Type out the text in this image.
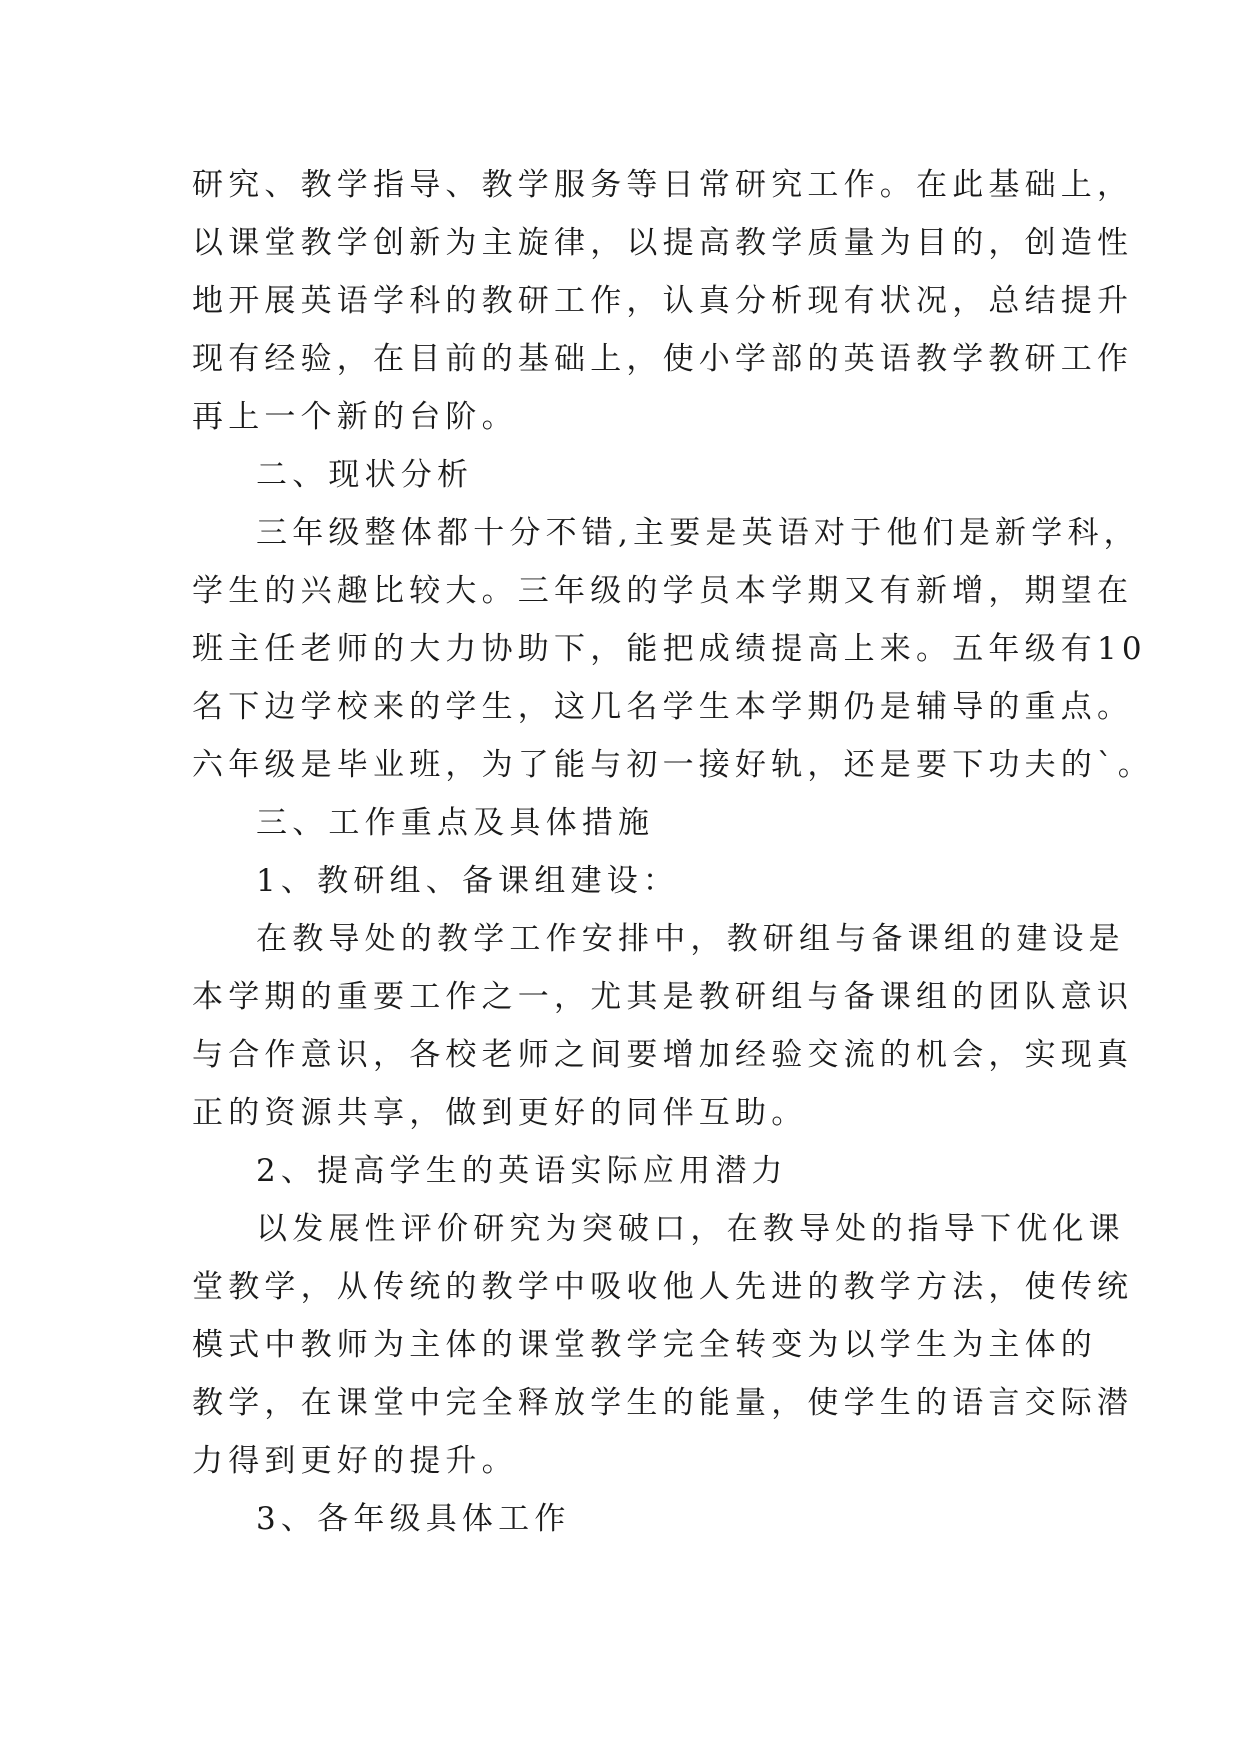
研究、教学指导、教学服务等日常研究工作。在此基础上，
以课堂教学创新为主旋律，以提高教学质量为目的，创造性
地开展英语学科的教研工作，认真分析现有状况，总结提升
现有经验，在目前的基础上，使小学部的英语教学教研工作
再上一个新的台阶。
二、现状分析
三年级整体都十分不错,主要是英语对于他们是新学科，
学生的兴趣比较大。三年级的学员本学期又有新增，期望在
班主任老师的大力协助下，能把成绩提高上来。五年级有10
名下边学校来的学生，这几名学生本学期仍是辅导的重点。
六年级是毕业班，为了能与初一接好轨，还是要下功夫的`。
三、工作重点及具体措施
1、教研组、备课组建设：
在教导处的教学工作安排中，教研组与备课组的建设是
本学期的重要工作之一，尤其是教研组与备课组的团队意识
与合作意识，各校老师之间要增加经验交流的机会，实现真
正的资源共享，做到更好的同伴互助。
2、提高学生的英语实际应用潜力
以发展性评价研究为突破口，在教导处的指导下优化课
堂教学，从传统的教学中吸收他人先进的教学方法，使传统
模式中教师为主体的课堂教学完全转变为以学生为主体的
教学，在课堂中完全释放学生的能量，使学生的语言交际潜
力得到更好的提升。
3、各年级具体工作
